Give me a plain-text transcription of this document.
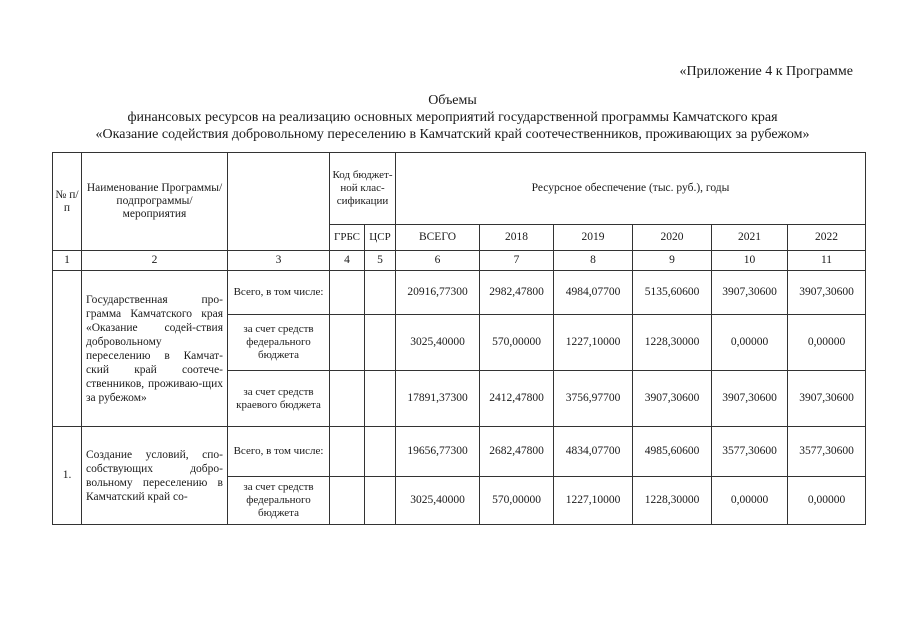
«Приложение 4 к Программе
Объемы
финансовых ресурсов на реализацию основных мероприятий государственной программы Камчатского края
«Оказание содействия добровольному переселению в Камчатский край соотечественников, проживающих за рубежом»
№ п/п	Наименование Программы/ подпрограммы/ мероприятия		Код бюджет-ной клас-сификации		Ресурсное обеспечение (тыс. руб.), годы					
			ГРБС	ЦСР	ВСЕГО	2018	2019	2020	2021	2022
1	2	3	4	5	6	7	8	9	10	11
	Государственная про-грамма Камчатского края «Оказание содей-ствия добровольному переселению в Камчат-ский край соотече-ственников, проживаю-щих за рубежом»	Всего, в том числе:			20916,77300	2982,47800	4984,07700	5135,60600	3907,30600	3907,30600
		за счет средств федерального бюджета			3025,40000	570,00000	1227,10000	1228,30000	0,00000	0,00000
		за счет средств краевого бюджета			17891,37300	2412,47800	3756,97700	3907,30600	3907,30600	3907,30600
1.	Создание условий, спо-собствующих добро-вольному переселению в Камчатский край со-	Всего, в том числе:			19656,77300	2682,47800	4834,07700	4985,60600	3577,30600	3577,30600
		за счет средств федерального бюджета			3025,40000	570,00000	1227,10000	1228,30000	0,00000	0,00000
